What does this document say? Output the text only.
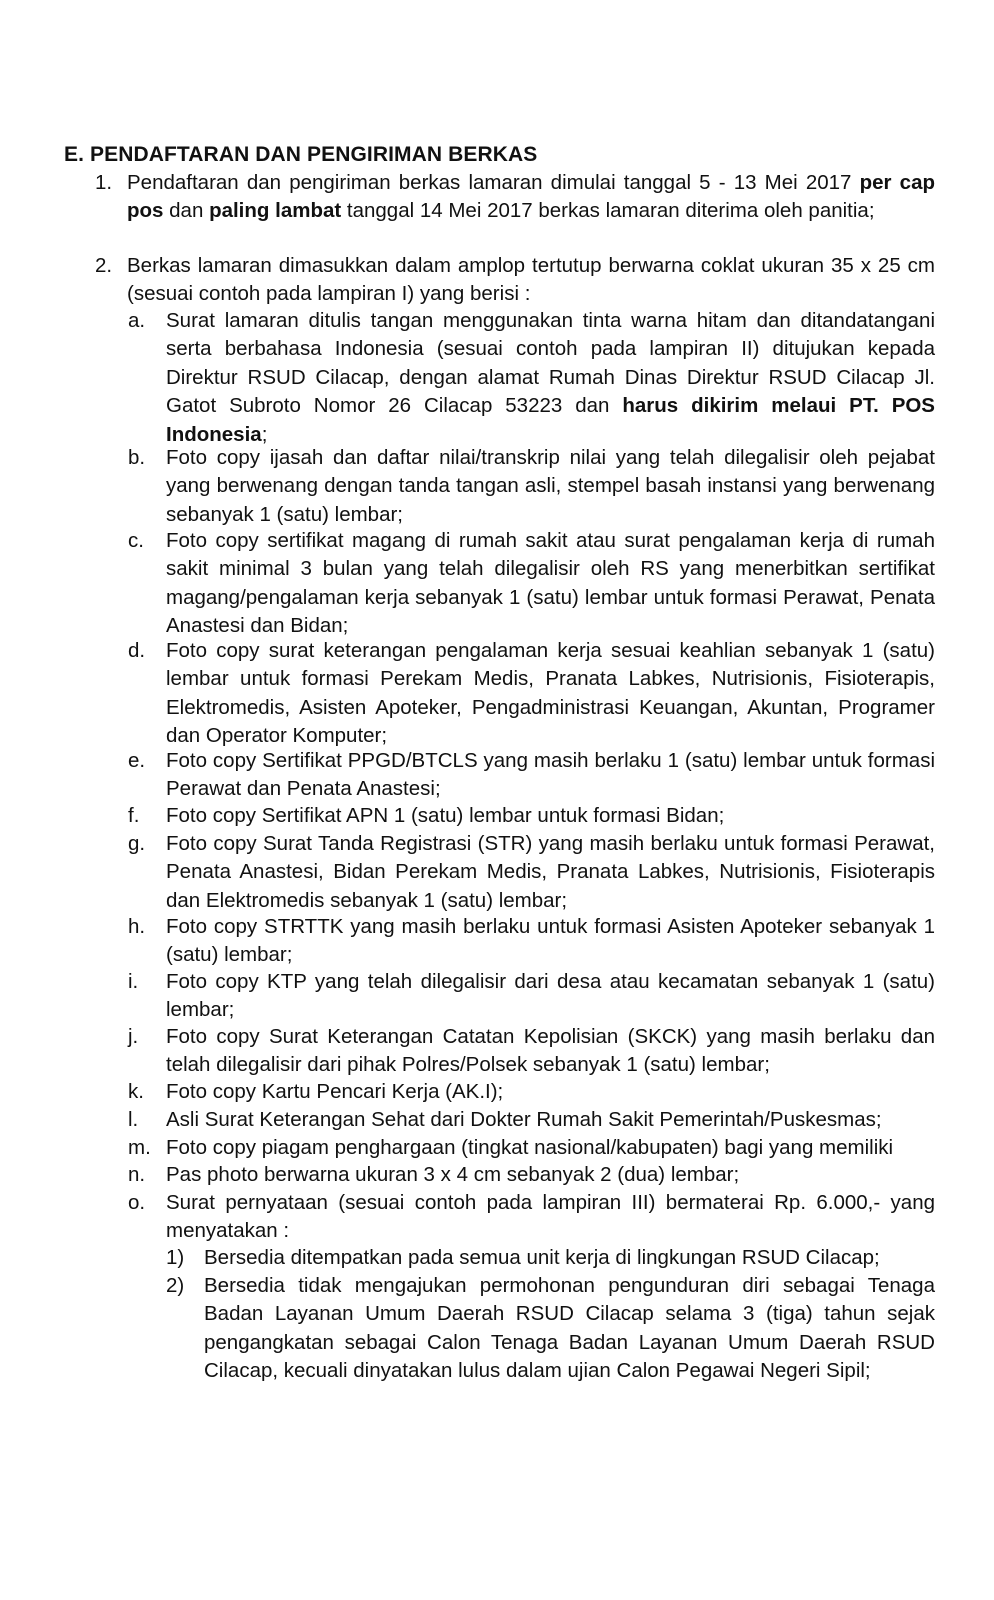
E. PENDAFTARAN DAN PENGIRIMAN BERKAS
1. Pendaftaran dan pengiriman berkas lamaran dimulai tanggal 5 - 13 Mei 2017 per cap pos dan paling lambat tanggal 14 Mei 2017 berkas lamaran diterima oleh panitia;
2. Berkas lamaran dimasukkan dalam amplop tertutup berwarna coklat ukuran 35 x 25 cm (sesuai contoh pada lampiran I) yang berisi :
a.	Surat lamaran ditulis tangan menggunakan tinta warna hitam dan ditandatangani serta berbahasa Indonesia (sesuai contoh pada lampiran II) ditujukan kepada Direktur RSUD Cilacap, dengan alamat Rumah Dinas Direktur RSUD Cilacap Jl. Gatot Subroto Nomor 26 Cilacap 53223 dan harus dikirim melaui PT. POS Indonesia;
b.	Foto copy ijasah dan daftar nilai/transkrip nilai yang telah dilegalisir oleh pejabat yang berwenang dengan tanda tangan asli, stempel basah instansi yang berwenang sebanyak 1 (satu) lembar;
c.	Foto copy sertifikat magang di rumah sakit atau surat pengalaman kerja di rumah sakit minimal 3 bulan yang telah dilegalisir oleh RS yang menerbitkan sertifikat magang/pengalaman kerja sebanyak 1 (satu) lembar untuk formasi Perawat, Penata Anastesi dan Bidan;
d.	Foto copy surat keterangan pengalaman kerja sesuai keahlian sebanyak 1 (satu) lembar untuk formasi Perekam Medis, Pranata Labkes, Nutrisionis, Fisioterapis, Elektromedis, Asisten Apoteker, Pengadministrasi Keuangan, Akuntan, Programer dan Operator Komputer;
e.	Foto copy Sertifikat PPGD/BTCLS yang masih berlaku 1 (satu) lembar untuk formasi Perawat dan Penata Anastesi;
f.	Foto copy Sertifikat APN 1 (satu) lembar untuk formasi Bidan;
g.	Foto copy Surat Tanda Registrasi (STR) yang masih berlaku untuk formasi Perawat, Penata Anastesi, Bidan Perekam Medis, Pranata Labkes, Nutrisionis, Fisioterapis dan Elektromedis sebanyak 1 (satu) lembar;
h.	Foto copy STRTTK yang masih berlaku untuk formasi Asisten Apoteker sebanyak 1 (satu) lembar;
i.	Foto copy KTP yang telah dilegalisir dari desa atau kecamatan sebanyak 1 (satu) lembar;
j.	Foto copy Surat Keterangan Catatan Kepolisian (SKCK) yang masih berlaku dan telah dilegalisir dari pihak Polres/Polsek sebanyak 1 (satu) lembar;
k.	Foto copy Kartu Pencari Kerja (AK.I);
l.	Asli Surat Keterangan Sehat dari Dokter Rumah Sakit Pemerintah/Puskesmas;
m. Foto copy piagam penghargaan (tingkat nasional/kabupaten) bagi yang memiliki
n.	Pas photo berwarna ukuran 3 x 4 cm sebanyak 2 (dua) lembar;
o.	Surat pernyataan (sesuai contoh pada lampiran III) bermaterai Rp. 6.000,- yang menyatakan :
1) Bersedia ditempatkan pada semua unit kerja di lingkungan RSUD Cilacap;
2) Bersedia tidak mengajukan permohonan pengunduran diri sebagai Tenaga Badan Layanan Umum Daerah RSUD Cilacap selama 3 (tiga) tahun sejak pengangkatan sebagai Calon Tenaga Badan Layanan Umum Daerah RSUD Cilacap, kecuali dinyatakan lulus dalam ujian Calon Pegawai Negeri Sipil;
